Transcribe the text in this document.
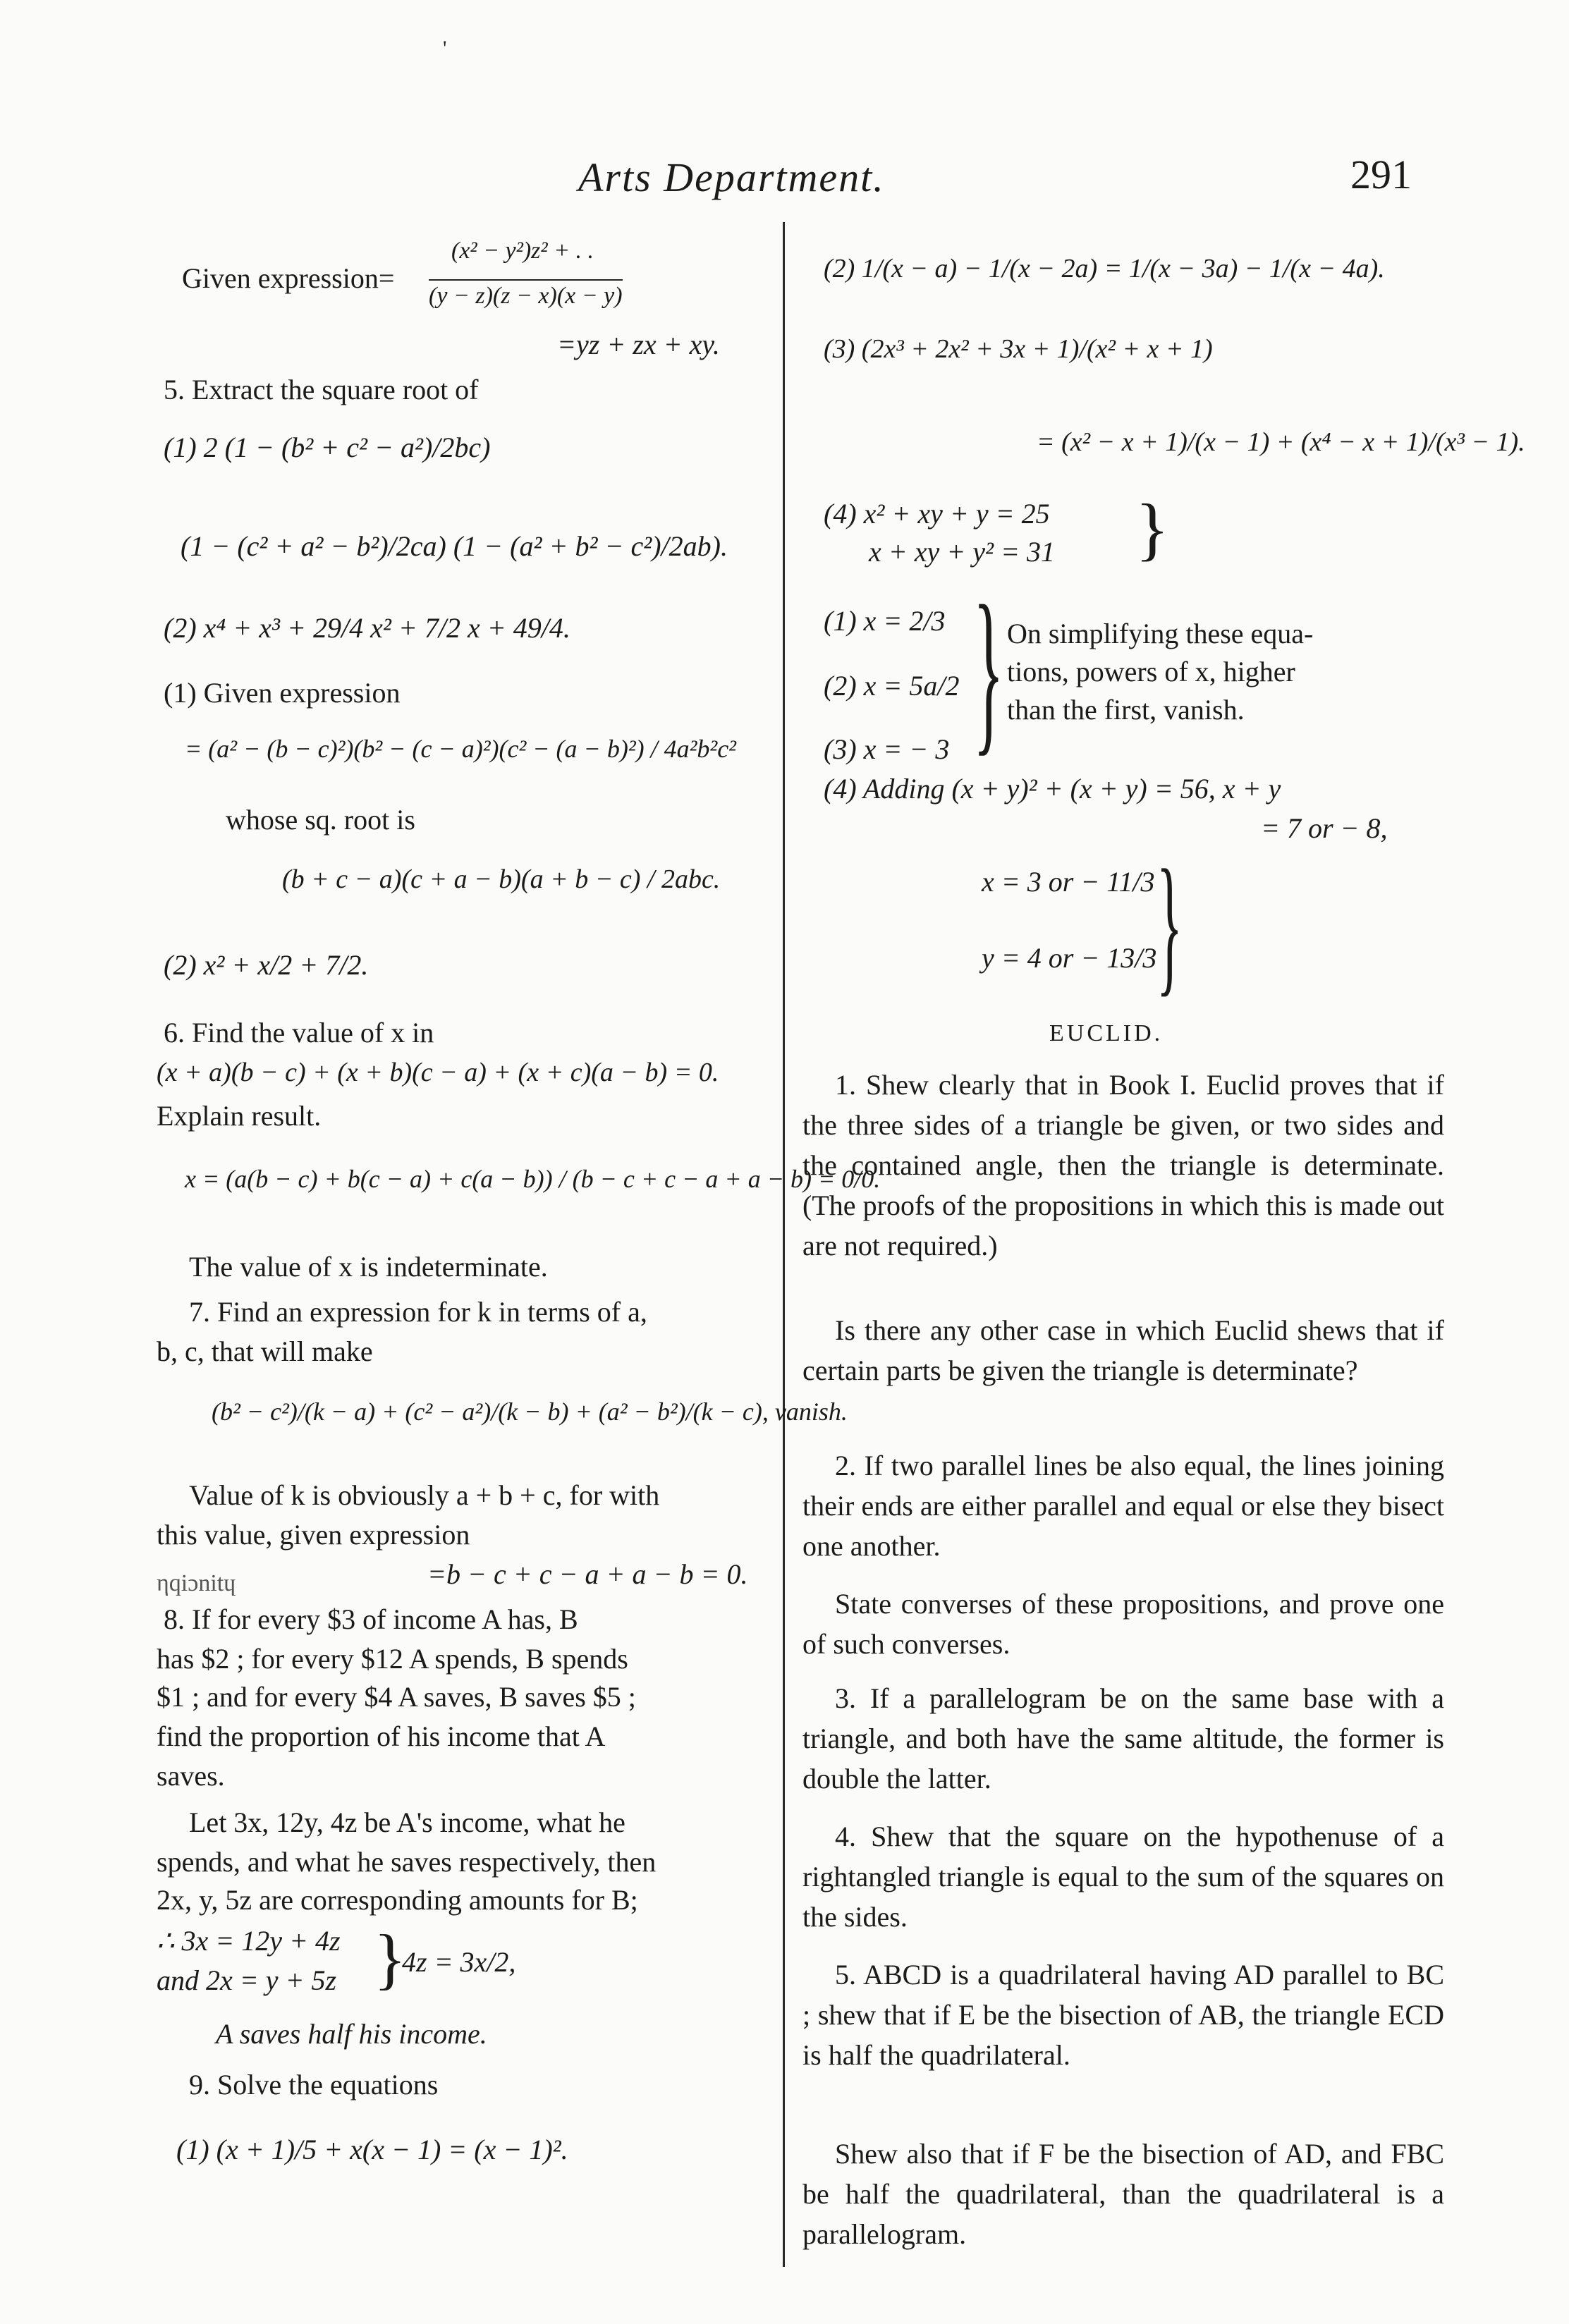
'
Arts Department.	291
Given expression=
(x² − y²)z² + . .
(y − z)(z − x)(x − y)
=yz + zx + xy.
5. Extract the square root of
(1) 2 (1 − (b² + c² − a²)/2bc)
(1 − (c² + a² − b²)/2ca) (1 − (a² + b² − c²)/2ab).
(2) x⁴ + x³ + 29/4 x² + 7/2 x + 49/4.
(1) Given expression
= (a² − (b − c)²)(b² − (c − a)²)(c² − (a − b)²) / 4a²b²c²
whose sq. root is
(b + c − a)(c + a − b)(a + b − c) / 2abc.
(2) x² + x/2 + 7/2.
6. Find the value of x in
(x + a)(b − c) + (x + b)(c − a) + (x + c)(a − b) = 0.
Explain result.
x = (a(b − c) + b(c − a) + c(a − b)) / (b − c + c − a + a − b) = 0/0.
The value of x is indeterminate.
7. Find an expression for k in terms of a,
b, c, that will make
(b² − c²)/(k − a) + (c² − a²)/(k − b) + (a² − b²)/(k − c), vanish.
Value of k is obviously a + b + c, for with
this value, given expression
=b − c + c − a + a − b = 0.
ηqiɔnitɥ
8. If for every $3 of income A has, B
has $2 ; for every $12 A spends, B spends
$1 ; and for every $4 A saves, B saves $5 ;
find the proportion of his income that A
saves.
Let 3x, 12y, 4z be A's income, what he
spends, and what he saves respectively, then
2x, y, 5z are corresponding amounts for B;
∴ 3x = 12y + 4z }
4z = 3x/2,
and 2x = y + 5z
A saves half his income.
9. Solve the equations
(1) (x + 1)/5 + x(x − 1) = (x − 1)².
(2) 1/(x − a) − 1/(x − 2a) = 1/(x − 3a) − 1/(x − 4a).
(3) (2x³ + 2x² + 3x + 1)/(x² + x + 1)
= (x² − x + 1)/(x − 1) + (x⁴ − x + 1)/(x³ − 1).
(4) x² + xy + y = 25
x + xy + y² = 31 }
(1) x = 2/3
(2) x = 5a/2
(3) x = − 3 } On simplifying these equa-
tions, powers of x, higher
than the first, vanish.
(4) Adding (x + y)² + (x + y) = 56, x + y
= 7 or − 8,
x = 3 or − 11/3
y = 4 or − 13/3 }
EUCLID.
1. Shew clearly that in Book I. Euclid proves that if the three sides of a triangle be given, or two sides and the contained angle, then the triangle is determinate. (The proofs of the propositions in which this is made out are not required.)
Is there any other case in which Euclid shews that if certain parts be given the triangle is determinate?
2. If two parallel lines be also equal, the lines joining their ends are either parallel and equal or else they bisect one another.
State converses of these propositions, and prove one of such converses.
3. If a parallelogram be on the same base with a triangle, and both have the same altitude, the former is double the latter.
4. Shew that the square on the hypothenuse of a rightangled triangle is equal to the sum of the squares on the sides.
5. ABCD is a quadrilateral having AD parallel to BC ; shew that if E be the bisection of AB, the triangle ECD is half the quadrilateral.
Shew also that if F be the bisection of AD, and FBC be half the quadrilateral, than the quadrilateral is a parallelogram.
